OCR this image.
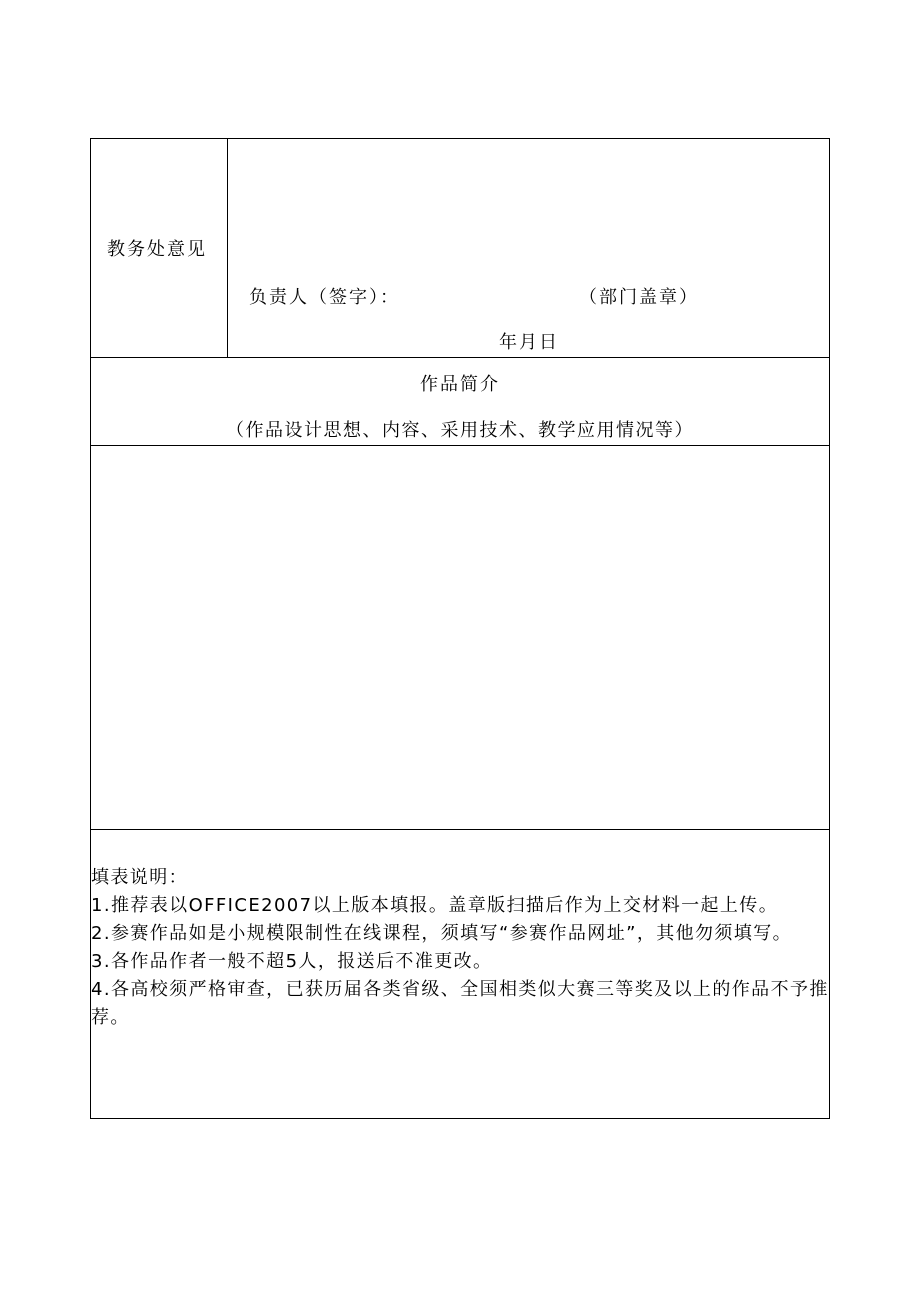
教务处意见
负责人（签字）：	（部门盖章）
年月日
作品简介
（作品设计思想、内容、采用技术、教学应用情况等）

填表说明：

1.推荐表以OFFICE2007以上版本填报。盖章版扫描后作为上交材料一起上传。

2.参赛作品如是小规模限制性在线课程，须填写“参赛作品网址”，其他勿须填写。

3.各作品作者一般不超5人，报送后不准更改。

4.各高校须严格审查，已获历届各类省级、全国相类似大赛三等奖及以上的作品不予推荐。
